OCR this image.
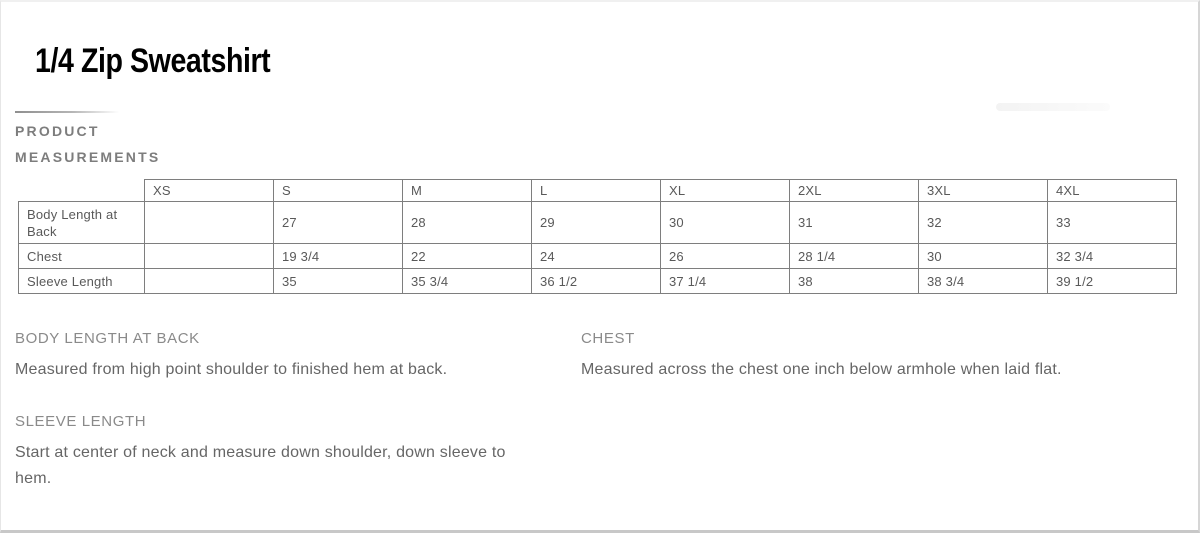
1/4 Zip Sweatshirt
PRODUCT MEASUREMENTS
	XS	S	M	L	XL	2XL	3XL	4XL
Body Length at Back		27	28	29	30	31	32	33
Chest		19 3/4	22	24	26	28 1/4	30	32 3/4
Sleeve Length		35	35 3/4	36 1/2	37 1/4	38	38 3/4	39 1/2

BODY LENGTH AT BACK

Measured from high point shoulder to finished hem at back.

CHEST

Measured across the chest one inch below armhole when laid flat.

SLEEVE LENGTH

Start at center of neck and measure down shoulder, down sleeve to hem.
